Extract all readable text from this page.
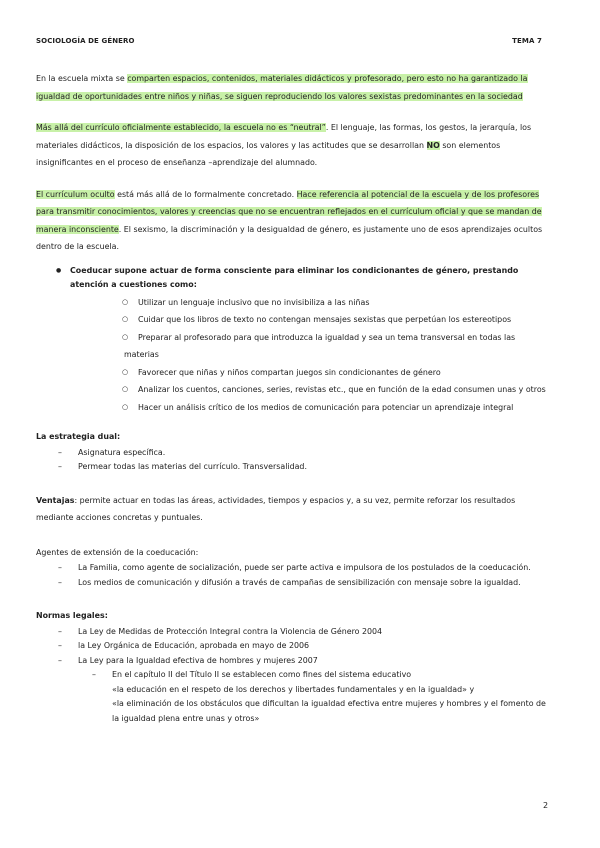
SOCIOLOGÍA DE GÉNERO	TEMA 7

En la escuela mixta se comparten espacios, contenidos, materiales didácticos y profesorado, pero esto no ha garantizado la igualdad de oportunidades entre niños y niñas, se siguen reproduciendo los valores sexistas predominantes en la sociedad

Más allá del currículo oficialmente establecido, la escuela no es “neutral”. El lenguaje, las formas, los gestos, la jerarquía, los materiales didácticos, la disposición de los espacios, los valores y las actitudes que se desarrollan NO son elementos insignificantes en el proceso de enseñanza –aprendizaje del alumnado.

El currículum oculto está más allá de lo formalmente concretado. Hace referencia al potencial de la escuela y de los profesores para transmitir conocimientos, valores y creencias que no se encuentran reflejados en el currículum oficial y que se mandan de manera inconsciente. El sexismo, la discriminación y la desigualdad de género, es justamente uno de esos aprendizajes ocultos dentro de la escuela.

● Coeducar supone actuar de forma consciente para eliminar los condicionantes de género, prestando atención a cuestiones como:
○ Utilizar un lenguaje inclusivo que no invisibiliza a las niñas
○ Cuidar que los libros de texto no contengan mensajes sexistas que perpetúan los estereotipos
○ Preparar al profesorado para que introduzca la igualdad y sea un tema transversal en todas las materias
○ Favorecer que niñas y niños compartan juegos sin condicionantes de género
○ Analizar los cuentos, canciones, series, revistas etc., que en función de la edad consumen unas y otros
○ Hacer un análisis crítico de los medios de comunicación para potenciar un aprendizaje integral

La estrategia dual:

– Asignatura específica.
– Permear todas las materias del currículo. Transversalidad.

Ventajas: permite actuar en todas las áreas, actividades, tiempos y espacios y, a su vez, permite reforzar los resultados mediante acciones concretas y puntuales.

Agentes de extensión de la coeducación:

– La Familia, como agente de socialización, puede ser parte activa e impulsora de los postulados de la coeducación.
– Los medios de comunicación y difusión a través de campañas de sensibilización con mensaje sobre la igualdad.

Normas legales:

– La Ley de Medidas de Protección Integral contra la Violencia de Género 2004
– la Ley Orgánica de Educación, aprobada en mayo de 2006
– La Ley para la Igualdad efectiva de hombres y mujeres 2007
– En el capítulo II del Título II se establecen como fines del sistema educativo
«la educación en el respeto de los derechos y libertades fundamentales y en la igualdad» y
«la eliminación de los obstáculos que dificultan la igualdad efectiva entre mujeres y hombres y el fomento de la igualdad plena entre unas y otros»
2
